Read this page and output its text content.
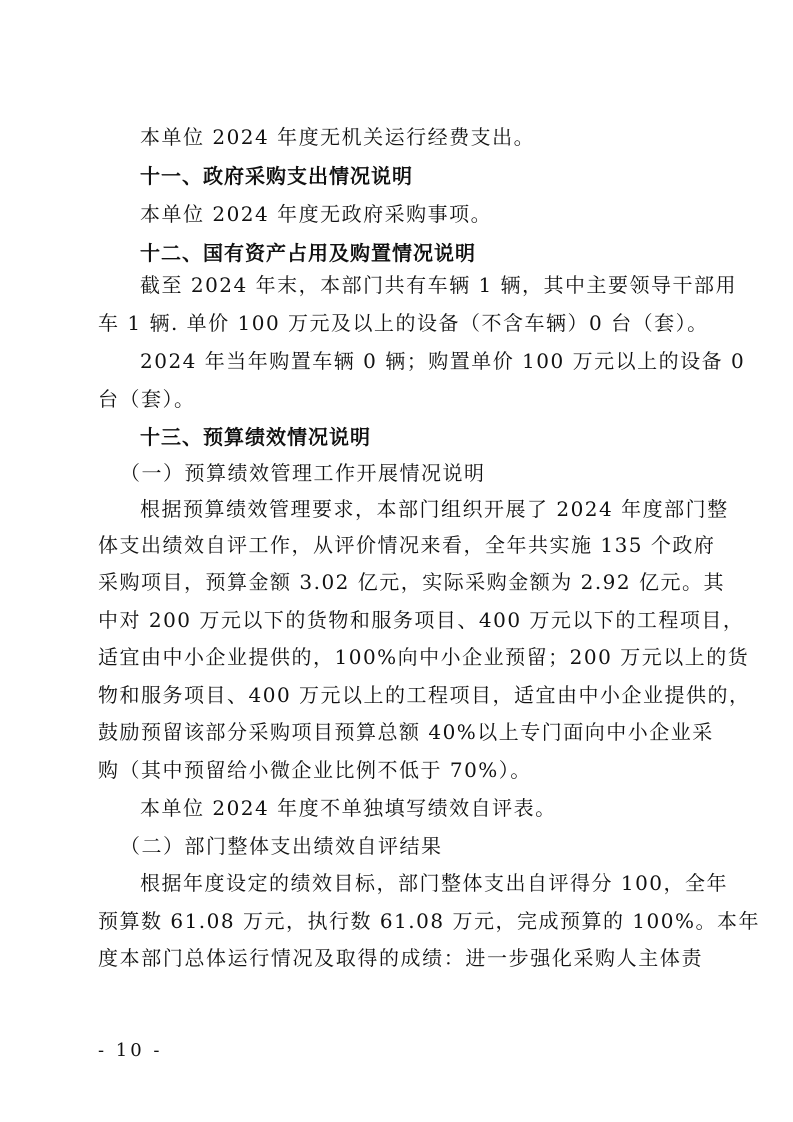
本单位 2024 年度无机关运行经费支出。
十一、政府采购支出情况说明
本单位 2024 年度无政府采购事项。
十二、国有资产占用及购置情况说明
截至 2024 年末，本部门共有车辆 1 辆，其中主要领导干部用
车 1 辆. 单价 100 万元及以上的设备（不含车辆）0 台（套）。
2024 年当年购置车辆 0 辆；购置单价 100 万元以上的设备 0
台（套）。
十三、预算绩效情况说明
（一）预算绩效管理工作开展情况说明
根据预算绩效管理要求，本部门组织开展了 2024 年度部门整
体支出绩效自评工作，从评价情况来看，全年共实施 135 个政府
采购项目，预算金额 3.02 亿元，实际采购金额为 2.92 亿元。其
中对 200 万元以下的货物和服务项目、400 万元以下的工程项目，
适宜由中小企业提供的，100%向中小企业预留；200 万元以上的货
物和服务项目、400 万元以上的工程项目，适宜由中小企业提供的，
鼓励预留该部分采购项目预算总额 40%以上专门面向中小企业采
购（其中预留给小微企业比例不低于 70%）。
本单位 2024 年度不单独填写绩效自评表。
（二）部门整体支出绩效自评结果
根据年度设定的绩效目标，部门整体支出自评得分 100，全年
预算数 61.08 万元，执行数 61.08 万元，完成预算的 100%。本年
度本部门总体运行情况及取得的成绩：进一步强化采购人主体责
- 10 -
